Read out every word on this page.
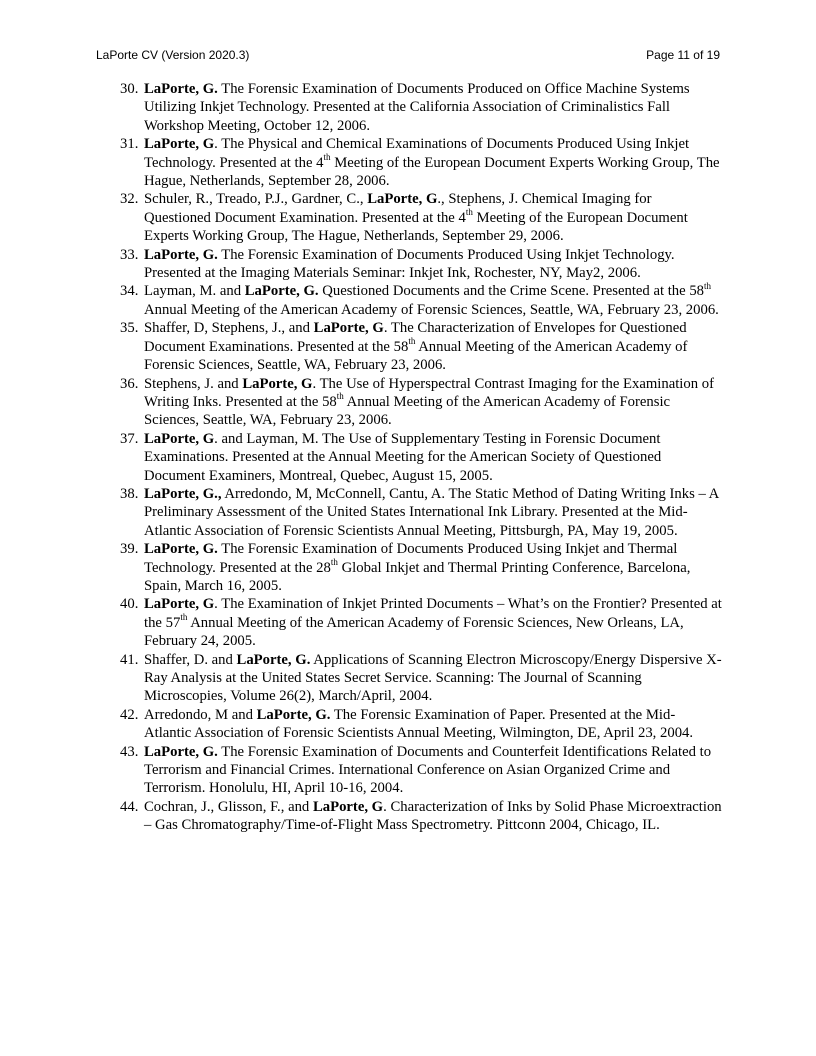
LaPorte CV (Version 2020.3)	Page 11 of 19
30. LaPorte, G. The Forensic Examination of Documents Produced on Office Machine Systems Utilizing Inkjet Technology. Presented at the California Association of Criminalistics Fall Workshop Meeting, October 12, 2006.
31. LaPorte, G. The Physical and Chemical Examinations of Documents Produced Using Inkjet Technology. Presented at the 4th Meeting of the European Document Experts Working Group, The Hague, Netherlands, September 28, 2006.
32. Schuler, R., Treado, P.J., Gardner, C., LaPorte, G., Stephens, J. Chemical Imaging for Questioned Document Examination. Presented at the 4th Meeting of the European Document Experts Working Group, The Hague, Netherlands, September 29, 2006.
33. LaPorte, G. The Forensic Examination of Documents Produced Using Inkjet Technology. Presented at the Imaging Materials Seminar: Inkjet Ink, Rochester, NY, May2, 2006.
34. Layman, M. and LaPorte, G. Questioned Documents and the Crime Scene. Presented at the 58th Annual Meeting of the American Academy of Forensic Sciences, Seattle, WA, February 23, 2006.
35. Shaffer, D, Stephens, J., and LaPorte, G. The Characterization of Envelopes for Questioned Document Examinations. Presented at the 58th Annual Meeting of the American Academy of Forensic Sciences, Seattle, WA, February 23, 2006.
36. Stephens, J. and LaPorte, G. The Use of Hyperspectral Contrast Imaging for the Examination of Writing Inks. Presented at the 58th Annual Meeting of the American Academy of Forensic Sciences, Seattle, WA, February 23, 2006.
37. LaPorte, G. and Layman, M. The Use of Supplementary Testing in Forensic Document Examinations. Presented at the Annual Meeting for the American Society of Questioned Document Examiners, Montreal, Quebec, August 15, 2005.
38. LaPorte, G., Arredondo, M, McConnell, Cantu, A. The Static Method of Dating Writing Inks – A Preliminary Assessment of the United States International Ink Library. Presented at the Mid-Atlantic Association of Forensic Scientists Annual Meeting, Pittsburgh, PA, May 19, 2005.
39. LaPorte, G. The Forensic Examination of Documents Produced Using Inkjet and Thermal Technology. Presented at the 28th Global Inkjet and Thermal Printing Conference, Barcelona, Spain, March 16, 2005.
40. LaPorte, G. The Examination of Inkjet Printed Documents – What’s on the Frontier? Presented at the 57th Annual Meeting of the American Academy of Forensic Sciences, New Orleans, LA, February 24, 2005.
41. Shaffer, D. and LaPorte, G. Applications of Scanning Electron Microscopy/Energy Dispersive X-Ray Analysis at the United States Secret Service. Scanning: The Journal of Scanning Microscopies, Volume 26(2), March/April, 2004.
42. Arredondo, M and LaPorte, G. The Forensic Examination of Paper. Presented at the Mid-Atlantic Association of Forensic Scientists Annual Meeting, Wilmington, DE, April 23, 2004.
43. LaPorte, G. The Forensic Examination of Documents and Counterfeit Identifications Related to Terrorism and Financial Crimes. International Conference on Asian Organized Crime and Terrorism. Honolulu, HI, April 10-16, 2004.
44. Cochran, J., Glisson, F., and LaPorte, G. Characterization of Inks by Solid Phase Microextraction – Gas Chromatography/Time-of-Flight Mass Spectrometry. Pittconn 2004, Chicago, IL.
